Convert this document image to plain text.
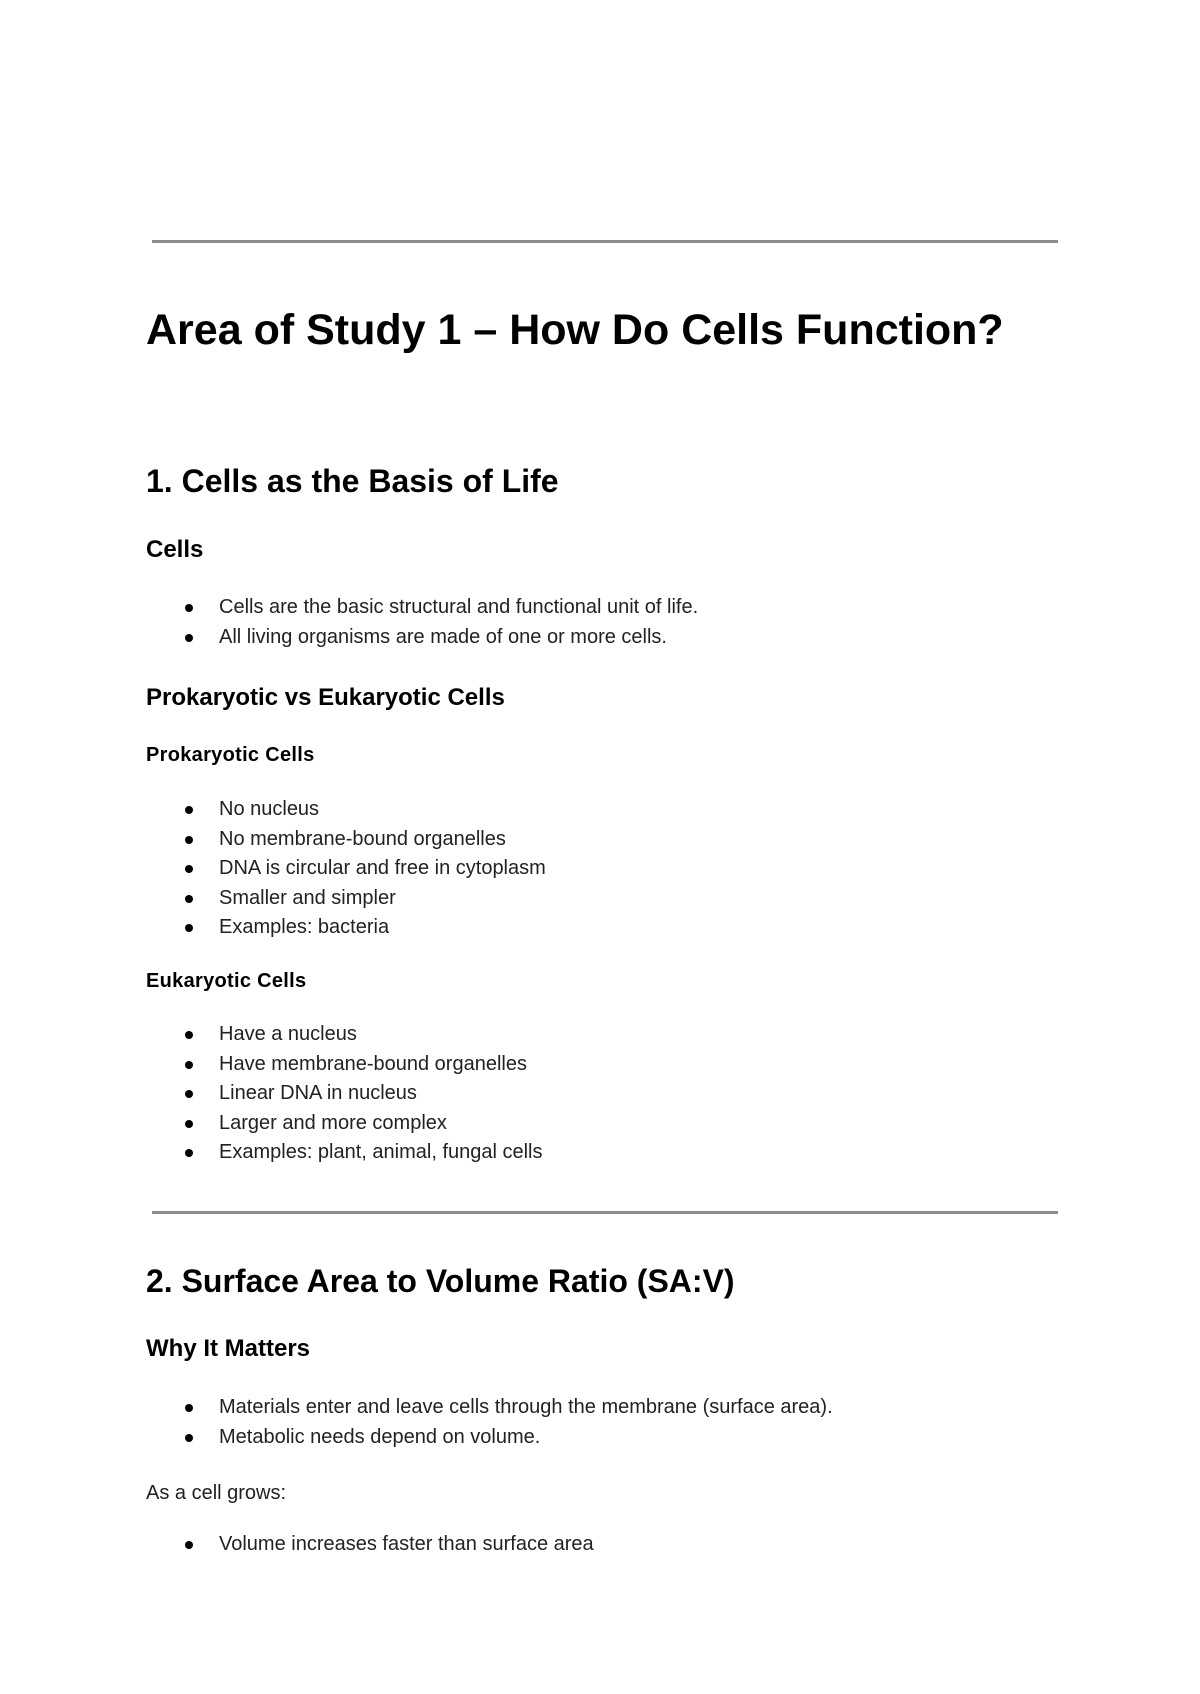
Area of Study 1 – How Do Cells Function?
1. Cells as the Basis of Life
Cells
Cells are the basic structural and functional unit of life.
All living organisms are made of one or more cells.
Prokaryotic vs Eukaryotic Cells
Prokaryotic Cells
No nucleus
No membrane-bound organelles
DNA is circular and free in cytoplasm
Smaller and simpler
Examples: bacteria
Eukaryotic Cells
Have a nucleus
Have membrane-bound organelles
Linear DNA in nucleus
Larger and more complex
Examples: plant, animal, fungal cells
2. Surface Area to Volume Ratio (SA:V)
Why It Matters
Materials enter and leave cells through the membrane (surface area).
Metabolic needs depend on volume.

As a cell grows:

Volume increases faster than surface area
